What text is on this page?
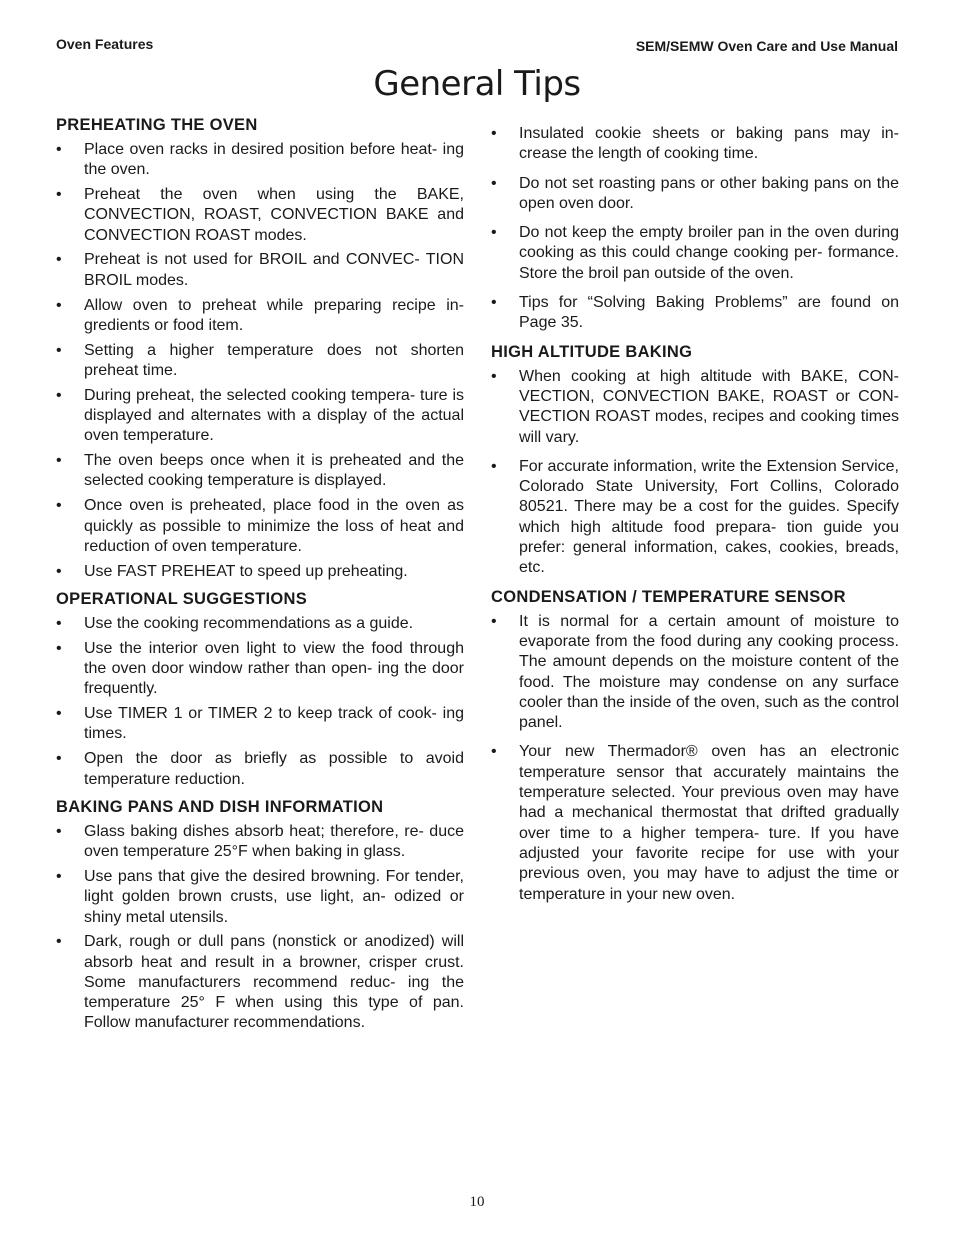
Oven Features	SEM/SEMW Oven Care and Use Manual
General Tips
PREHEATING THE OVEN
• Place oven racks in desired position before heat- ing the oven.
• Preheat the oven when using the BAKE, CONVECTION, ROAST, CONVECTION BAKE and CONVECTION ROAST modes.
• Preheat is not used for BROIL and CONVEC- TION BROIL modes.
• Allow oven to preheat while preparing recipe in- gredients or food item.
• Setting a higher temperature does not shorten preheat time.
• During preheat, the selected cooking tempera- ture is displayed and alternates with a display of the actual oven temperature.
• The oven beeps once when it is preheated and the selected cooking temperature is displayed.
• Once oven is preheated, place food in the oven as quickly as possible to minimize the loss of heat and reduction of oven temperature.
• Use FAST PREHEAT to speed up preheating.
OPERATIONAL SUGGESTIONS
• Use the cooking recommendations as a guide.
• Use the interior oven light to view the food through the oven door window rather than open- ing the door frequently.
• Use TIMER 1 or TIMER 2 to keep track of cook- ing times.
• Open the door as briefly as possible to avoid temperature reduction.
BAKING PANS AND DISH INFORMATION
• Glass baking dishes absorb heat; therefore, re- duce oven temperature 25°F when baking in glass.
• Use pans that give the desired browning. For tender, light golden brown crusts, use light, an- odized or shiny metal utensils.
• Dark, rough or dull pans (nonstick or anodized) will absorb heat and result in a browner, crisper crust. Some manufacturers recommend reduc- ing the temperature 25° F when using this type of pan. Follow manufacturer recommendations.
• Insulated cookie sheets or baking pans may in- crease the length of cooking time.
• Do not set roasting pans or other baking pans on the open oven door.
• Do not keep the empty broiler pan in the oven during cooking as this could change cooking per- formance. Store the broil pan outside of the oven.
• Tips for “Solving Baking Problems” are found on Page 35.
HIGH ALTITUDE BAKING
• When cooking at high altitude with BAKE, CON- VECTION, CONVECTION BAKE, ROAST or CON- VECTION ROAST modes, recipes and cooking times will vary.
• For accurate information, write the Extension Service, Colorado State University, Fort Collins, Colorado 80521. There may be a cost for the guides. Specify which high altitude food prepara- tion guide you prefer: general information, cakes, cookies, breads, etc.
CONDENSATION / TEMPERATURE SENSOR
• It is normal for a certain amount of moisture to evaporate from the food during any cooking process. The amount depends on the moisture content of the food. The moisture may condense on any surface cooler than the inside of the oven, such as the control panel.
• Your new Thermador® oven has an electronic temperature sensor that accurately maintains the temperature selected. Your previous oven may have had a mechanical thermostat that drifted gradually over time to a higher tempera- ture. If you have adjusted your favorite recipe for use with your previous oven, you may have to adjust the time or temperature in your new oven.
10
